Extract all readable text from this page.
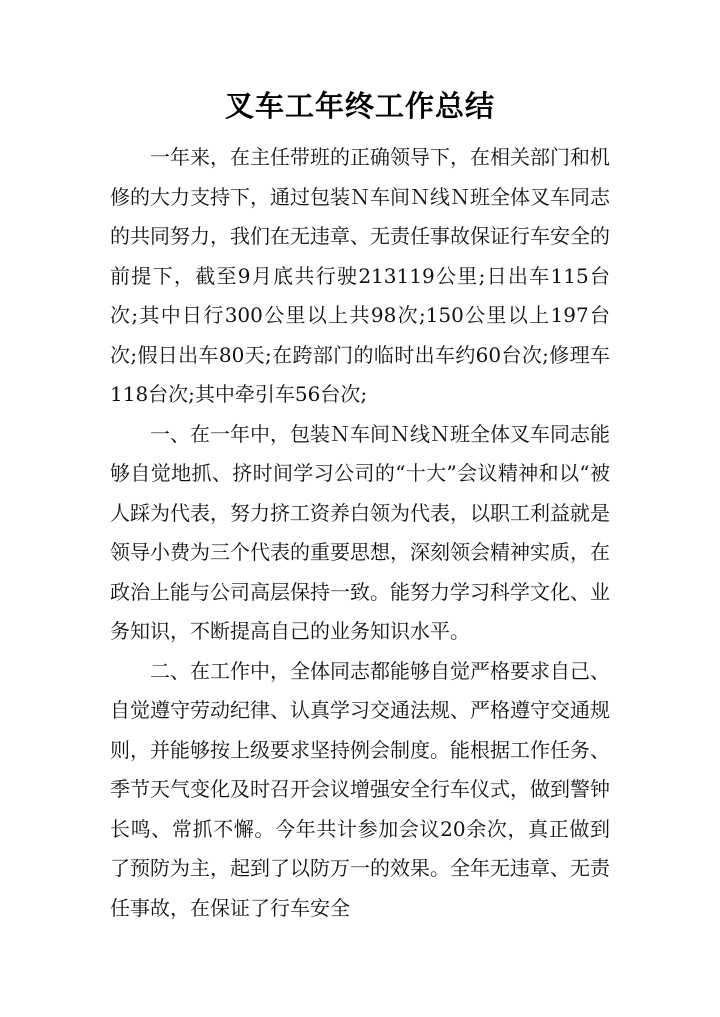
叉车工年终工作总结

一年来，在主任带班的正确领导下，在相关部门和机修的大力支持下，通过包装Ｎ车间Ｎ线Ｎ班全体叉车同志的共同努力，我们在无违章、无责任事故保证行车安全的前提下，截至9月底共行驶213119公里;日出车115台次;其中日行300公里以上共98次;150公里以上197台次;假日出车80天;在跨部门的临时出车约60台次;修理车118台次;其中牵引车56台次;

一、在一年中，包装Ｎ车间Ｎ线Ｎ班全体叉车同志能够自觉地抓、挤时间学习公司的“十大”会议精神和以“被人踩为代表，努力挤工资养白领为代表，以职工利益就是领导小费为三个代表的重要思想，深刻领会精神实质，在政治上能与公司高层保持一致。能努力学习科学文化、业务知识，不断提高自己的业务知识水平。

二、在工作中，全体同志都能够自觉严格要求自己、自觉遵守劳动纪律、认真学习交通法规、严格遵守交通规则，并能够按上级要求坚持例会制度。能根据工作任务、季节天气变化及时召开会议增强安全行车仪式，做到警钟长鸣、常抓不懈。今年共计参加会议20余次，真正做到了预防为主，起到了以防万一的效果。全年无违章、无责任事故，在保证了行车安全
